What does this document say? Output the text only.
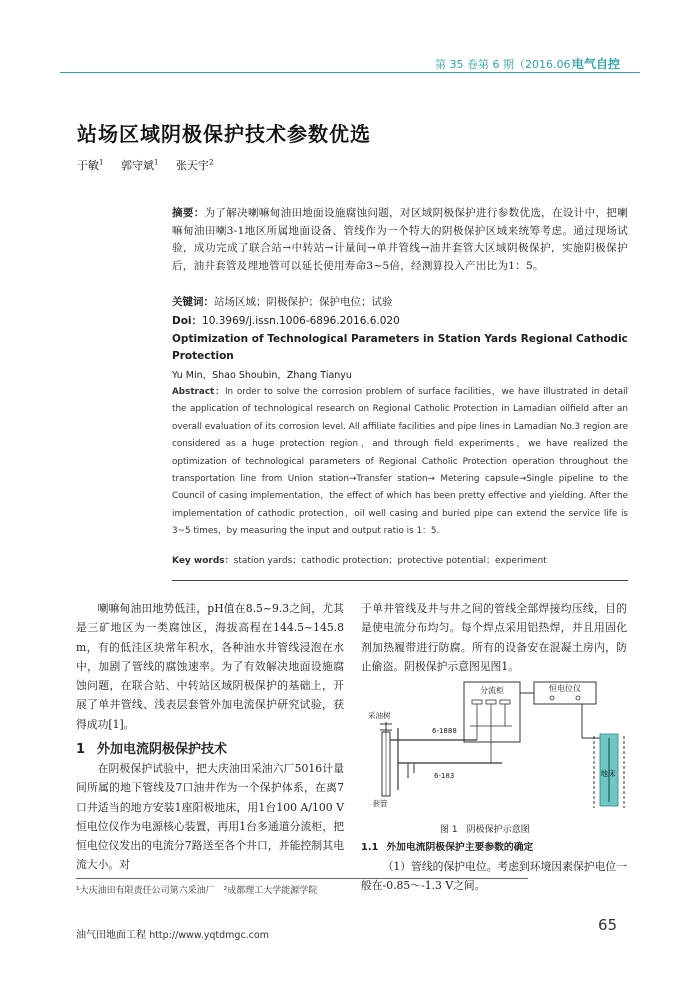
第 35 卷第 6 期（2016.06）
电气自控
站场区域阴极保护技术参数优选
于敏$^1$ 郭守斌$^1$ 张天宇$^2$
摘要：为了解决喇嘛甸油田地面设施腐蚀问题，对区域阴极保护进行参数优选，在设计中，把喇嘛甸油田喇3-1地区所属地面设备、管线作为一个特大的阴极保护区域来统筹考虑。通过现场试验，成功完成了联合站→中转站→计量间→单井管线→油井套管大区域阴极保护，实施阴极保护后，油井套管及埋地管可以延长使用寿命3~5倍，经测算投入产出比为1：5。
关键词：站场区域；阴极保护；保护电位；试验
Doi：10.3969/j.issn.1006-6896.2016.6.020
Optimization of Technological Parameters in Station Yards Regional Cathodic Protection
Yu Min，Shao Shoubin，Zhang Tianyu
Abstract：In order to solve the corrosion problem of surface facilities，we have illustrated in detail the application of technological research on Regional Catholic Protection in Lamadian oilfield after an overall evaluation of its corrosion level. All affiliate facilities and pipe lines in Lamadian No.3 region are considered as a huge protection region，and through field experiments，we have realized the optimization of technological parameters of Regional Catholic Protection operation throughout the transportation line from Union station→Transfer station→ Metering capsule→Single pipeline to the Council of casing implementation，the effect of which has been pretty effective and yielding. After the implementation of cathodic protection，oil well casing and buried pipe can extend the service life is 3~5 times，by measuring the input and output ratio is 1：5.
Key words：station yards；cathodic protection；protective potential；experiment
喇嘛甸油田地势低洼，pH值在8.5~9.3之间，尤其是三矿地区为一类腐蚀区，海拔高程在144.5~145.8 m，有的低洼区块常年积水，各种油水井管线浸泡在水中，加剧了管线的腐蚀速率。为了有效解决地面设施腐蚀问题，在联合站、中转站区域阴极保护的基础上，开展了单井管线、浅表层套管外加电流保护研究试验，获得成功[1]。
1 外加电流阴极保护技术
在阴极保护试验中，把大庆油田采油六厂5016计量间所属的地下管线及7口油井作为一个保护体系，在离7口井适当的地方安装1座阳极地床，用1台100 A/100 V恒电位仪作为电源核心装置，再用1台多通道分流柜，把恒电位仪发出的电流分7路送至各个井口，并能控制其电流大小。对
于单井管线及井与井之间的管线全部焊接均压线，目的是使电流分布均匀。每个焊点采用铝热焊，并且用固化剂加热履带进行防腐。所有的设备安在混凝土房内，防止偷盗。阴极保护示意图见图1。
分流柜	恒电位仪
采油树
套管
6-1888
6-183	地床
图 1　阴极保护示意图
1.1 外加电流阴极保护主要参数的确定
（1）管线的保护电位。考虑到环境因素保护电位一般在-0.85～-1.3 V之间。
¹大庆油田有限责任公司第六采油厂　²成都理工大学能源学院
油气田地面工程 http://www.yqtdmgc.com
65
